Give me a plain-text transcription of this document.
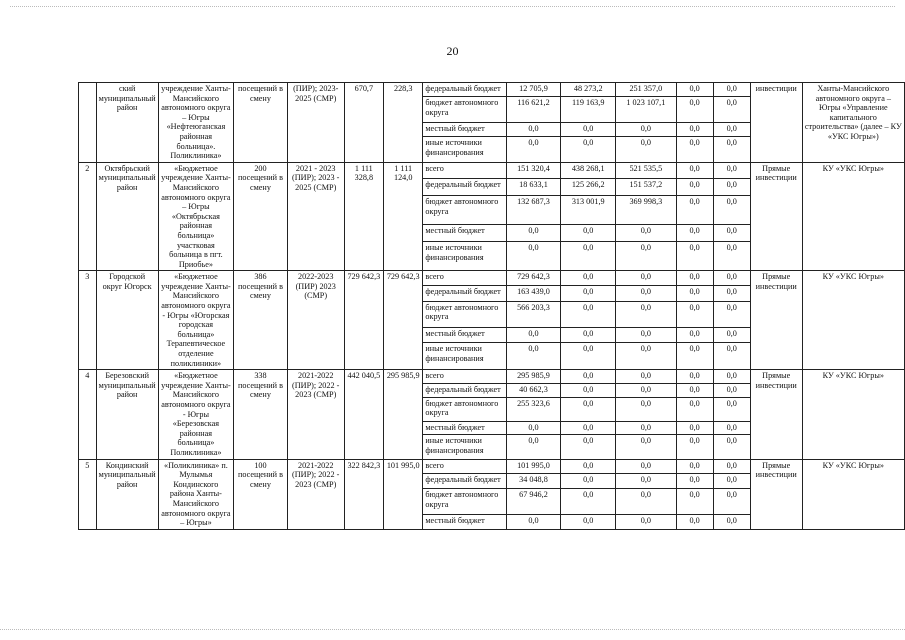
20
	ский муниципальный район	учреждение Ханты-Мансийского автономного округа – Югры «Нефтеюганская районная больница». Поликлиника»	посещений в смену	(ПИР); 2023-2025 (СМР)	670,7	228,3	федеральный бюджет	12 705,9	48 273,2	251 357,0	0,0	0,0	инвестиции	Ханты-Мансийского автономного округа – Югры «Управление капитального строительства» (далее – КУ «УКС Югры»)
							бюджет автономного округа	116 621,2	119 163,9	1 023 107,1	0,0	0,0		
							местный бюджет	0,0	0,0	0,0	0,0	0,0		
							иные источники финансирования	0,0	0,0	0,0	0,0	0,0		
2	Октябрьский муниципальный район	«Бюджетное учреждение Ханты-Мансийского автономного округа – Югры «Октябрьская районная больница» участковая больница в пгт. Приобье»	200 посещений в смену	2021 - 2023 (ПИР); 2023 - 2025 (СМР)	1 111 328,8	1 111 124,0	всего	151 320,4	438 268,1	521 535,5	0,0	0,0	Прямые инвестиции	КУ «УКС Югры»
							федеральный бюджет	18 633,1	125 266,2	151 537,2	0,0	0,0		
							бюджет автономного округа	132 687,3	313 001,9	369 998,3	0,0	0,0		
							местный бюджет	0,0	0,0	0,0	0,0	0,0		
							иные источники финансирования	0,0	0,0	0,0	0,0	0,0		
3	Городской округ Югорск	«Бюджетное учреждение Ханты-Мансийского автономного округа - Югры «Югорская городская больница» Терапевтическое отделение поликлиники»	386 посещений в смену	2022-2023 (ПИР) 2023 (СМР)	729 642,3	729 642,3	всего	729 642,3	0,0	0,0	0,0	0,0	Прямые инвестиции	КУ «УКС Югры»
							федеральный бюджет	163 439,0	0,0	0,0	0,0	0,0		
							бюджет автономного округа	566 203,3	0,0	0,0	0,0	0,0		
							местный бюджет	0,0	0,0	0,0	0,0	0,0		
							иные источники финансирования	0,0	0,0	0,0	0,0	0,0		
4	Березовский муниципальный район	«Бюджетное учреждение Ханты-Мансийского автономного округа - Югры «Березовская районная больница» Поликлиника»	338 посещений в смену	2021-2022 (ПИР); 2022 - 2023 (СМР)	442 040,5	295 985,9	всего	295 985,9	0,0	0,0	0,0	0,0	Прямые инвестиции	КУ «УКС Югры»
							федеральный бюджет	40 662,3	0,0	0,0	0,0	0,0		
							бюджет автономного округа	255 323,6	0,0	0,0	0,0	0,0		
							местный бюджет	0,0	0,0	0,0	0,0	0,0		
							иные источники финансирования	0,0	0,0	0,0	0,0	0,0		
5	Кондинский муниципальный район	«Поликлиника» п. Мулымья Кондинского района Ханты-Мансийского автономного округа – Югры»	100 посещений в смену	2021-2022 (ПИР); 2022 - 2023 (СМР)	322 842,3	101 995,0	всего	101 995,0	0,0	0,0	0,0	0,0	Прямые инвестиции	КУ «УКС Югры»
							федеральный бюджет	34 048,8	0,0	0,0	0,0	0,0		
							бюджет автономного округа	67 946,2	0,0	0,0	0,0	0,0		
							местный бюджет	0,0	0,0	0,0	0,0	0,0		
